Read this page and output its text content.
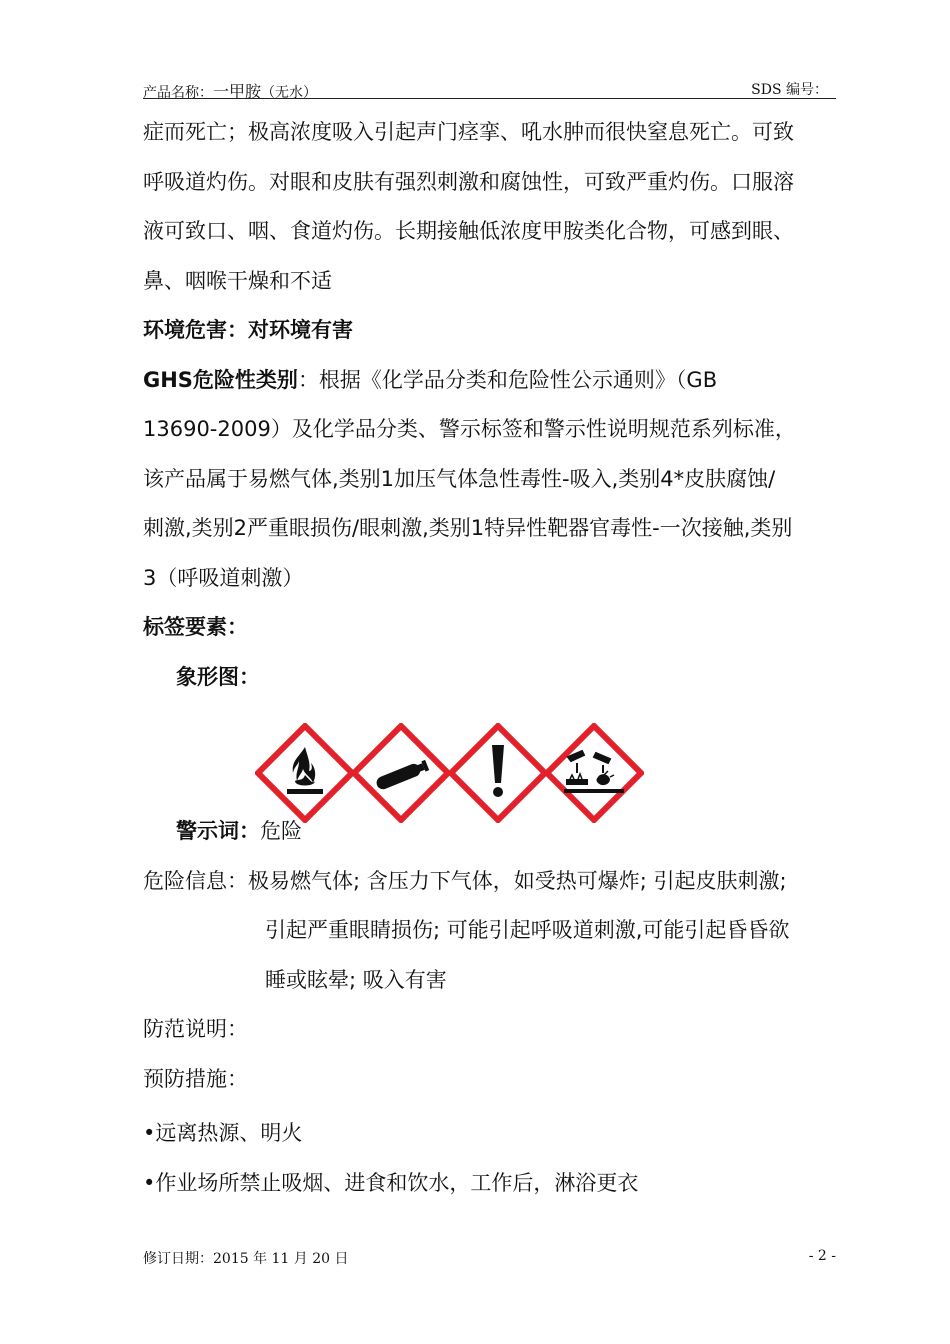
产品名称：一甲胺（无水）	SDS 编号：
症而死亡；极高浓度吸入引起声门痉挛、吼水肿而很快窒息死亡。可致
呼吸道灼伤。对眼和皮肤有强烈刺激和腐蚀性，可致严重灼伤。口服溶
液可致口、咽、食道灼伤。长期接触低浓度甲胺类化合物，可感到眼、
鼻、咽喉干燥和不适
环境危害：对环境有害
GHS危险性类别：根据《化学品分类和危险性公示通则》（GB
13690-2009）及化学品分类、警示标签和警示性说明规范系列标准，
该产品属于易燃气体,类别1加压气体急性毒性-吸入,类别4*皮肤腐蚀/
刺激,类别2严重眼损伤/眼刺激,类别1特异性靶器官毒性-一次接触,类别
3（呼吸道刺激）
标签要素：
象形图：
警示词：危险
危险信息：极易燃气体; 含压力下气体，如受热可爆炸; 引起皮肤刺激;
引起严重眼睛损伤; 可能引起呼吸道刺激,可能引起昏昏欲
睡或眩晕; 吸入有害
防范说明：
预防措施：
•远离热源、明火
•作业场所禁止吸烟、进食和饮水，工作后，淋浴更衣
修订日期：2015 年 11 月 20 日	- 2 -
